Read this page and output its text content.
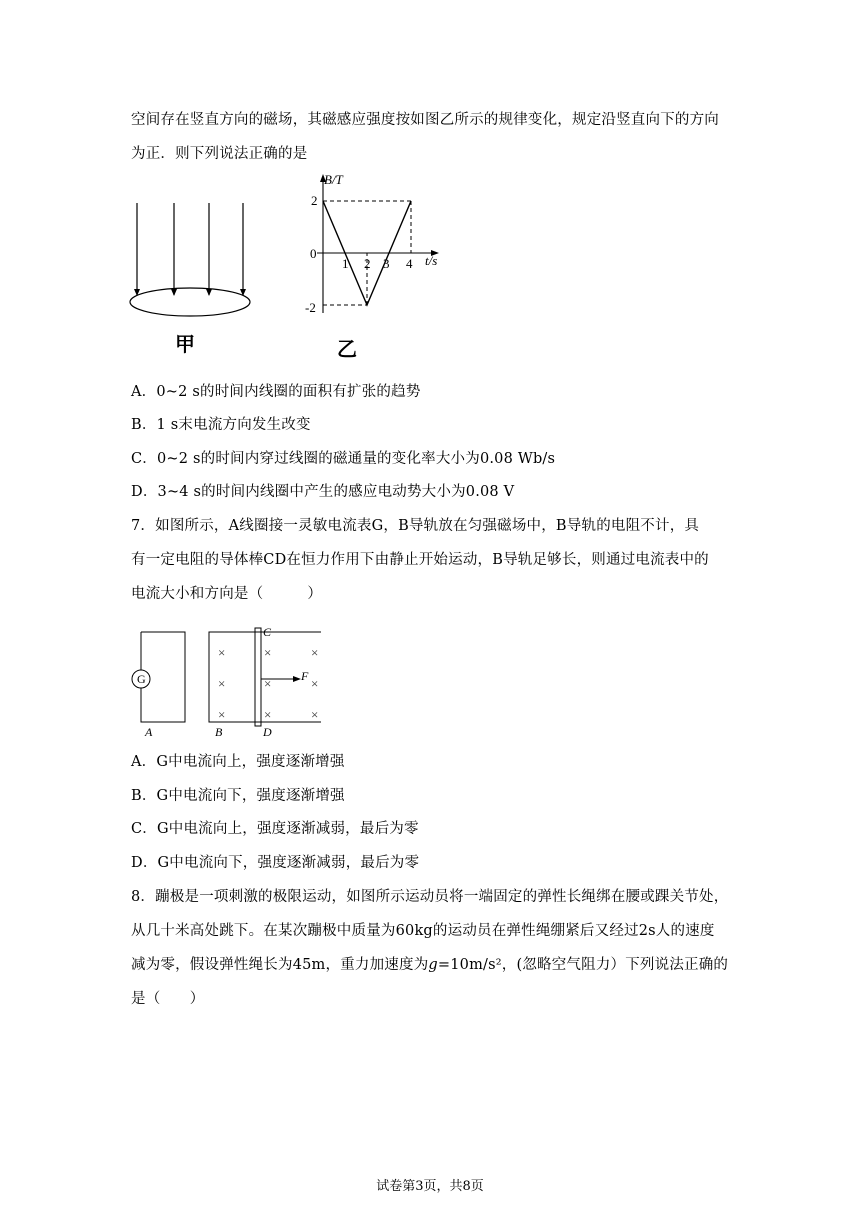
空间存在竖直方向的磁场，其磁感应强度按如图乙所示的规律变化，规定沿竖直向下的方向
为正．则下列说法正确的是
甲
B/T
t/s
0
2
-2
1 2 3 4
乙
A．0~2 s的时间内线圈的面积有扩张的趋势
B．1 s末电流方向发生改变
C．0~2 s的时间内穿过线圈的磁通量的变化率大小为0.08 Wb/s
D．3~4 s的时间内线圈中产生的感应电动势大小为0.08 V
7．如图所示，A线圈接一灵敏电流表G，B导轨放在匀强磁场中，B导轨的电阻不计，具
有一定电阻的导体棒CD在恒力作用下由静止开始运动，B导轨足够长，则通过电流表中的
电流大小和方向是（　　　）
G
A	B
C
D
F
×
×
×
×
×
×
×
×
×
A．G中电流向上，强度逐渐增强
B．G中电流向下，强度逐渐增强
C．G中电流向上，强度逐渐减弱，最后为零
D．G中电流向下，强度逐渐减弱，最后为零
8．蹦极是一项刺激的极限运动，如图所示运动员将一端固定的弹性长绳绑在腰或踝关节处，
从几十米高处跳下。在某次蹦极中质量为60kg的运动员在弹性绳绷紧后又经过2s人的速度
减为零，假设弹性绳长为45m，重力加速度为g=10m/s²，(忽略空气阻力）下列说法正确的
是（　　）
试卷第3页，共8页
